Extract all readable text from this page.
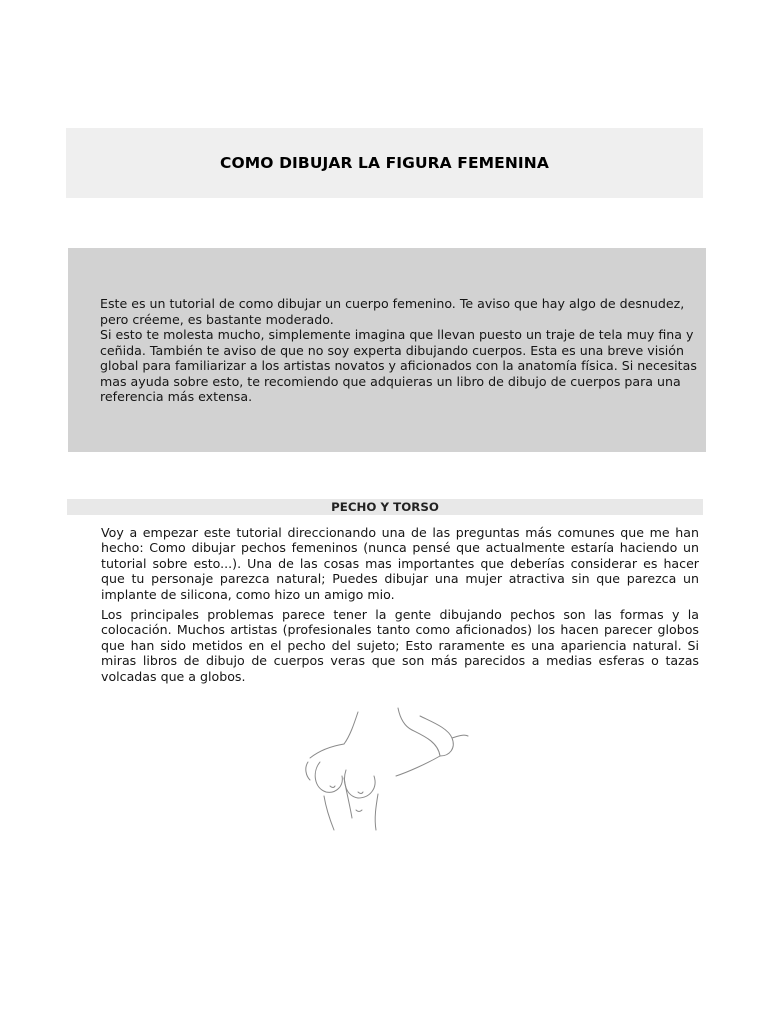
COMO DIBUJAR LA FIGURA FEMENINA

Este es un tutorial de como dibujar un cuerpo femenino. Te aviso que hay algo de desnudez, pero créeme, es bastante moderado.

Si esto te molesta mucho, simplemente imagina que llevan puesto un traje de tela muy fina y ceñida. También te aviso de que no soy experta dibujando cuerpos. Esta es una breve visión global para familiarizar a los artistas novatos y aficionados con la anatomía física. Si necesitas mas ayuda sobre esto, te recomiendo que adquieras un libro de dibujo de cuerpos para una referencia más extensa.

PECHO Y TORSO

Voy a empezar este tutorial direccionando una de las preguntas más comunes que me han hecho: Como dibujar pechos femeninos (nunca pensé que actualmente estaría haciendo un tutorial sobre esto...). Una de las cosas mas importantes que deberías considerar es hacer que tu personaje parezca natural; Puedes dibujar una mujer atractiva sin que parezca un implante de silicona, como hizo un amigo mio.

Los principales problemas parece tener la gente dibujando pechos son las formas y la colocación. Muchos artistas (profesionales tanto como aficionados) los hacen parecer globos que han sido metidos en el pecho del sujeto; Esto raramente es una apariencia natural. Si miras libros de dibujo de cuerpos veras que son más parecidos a medias esferas o tazas volcadas que a globos.
